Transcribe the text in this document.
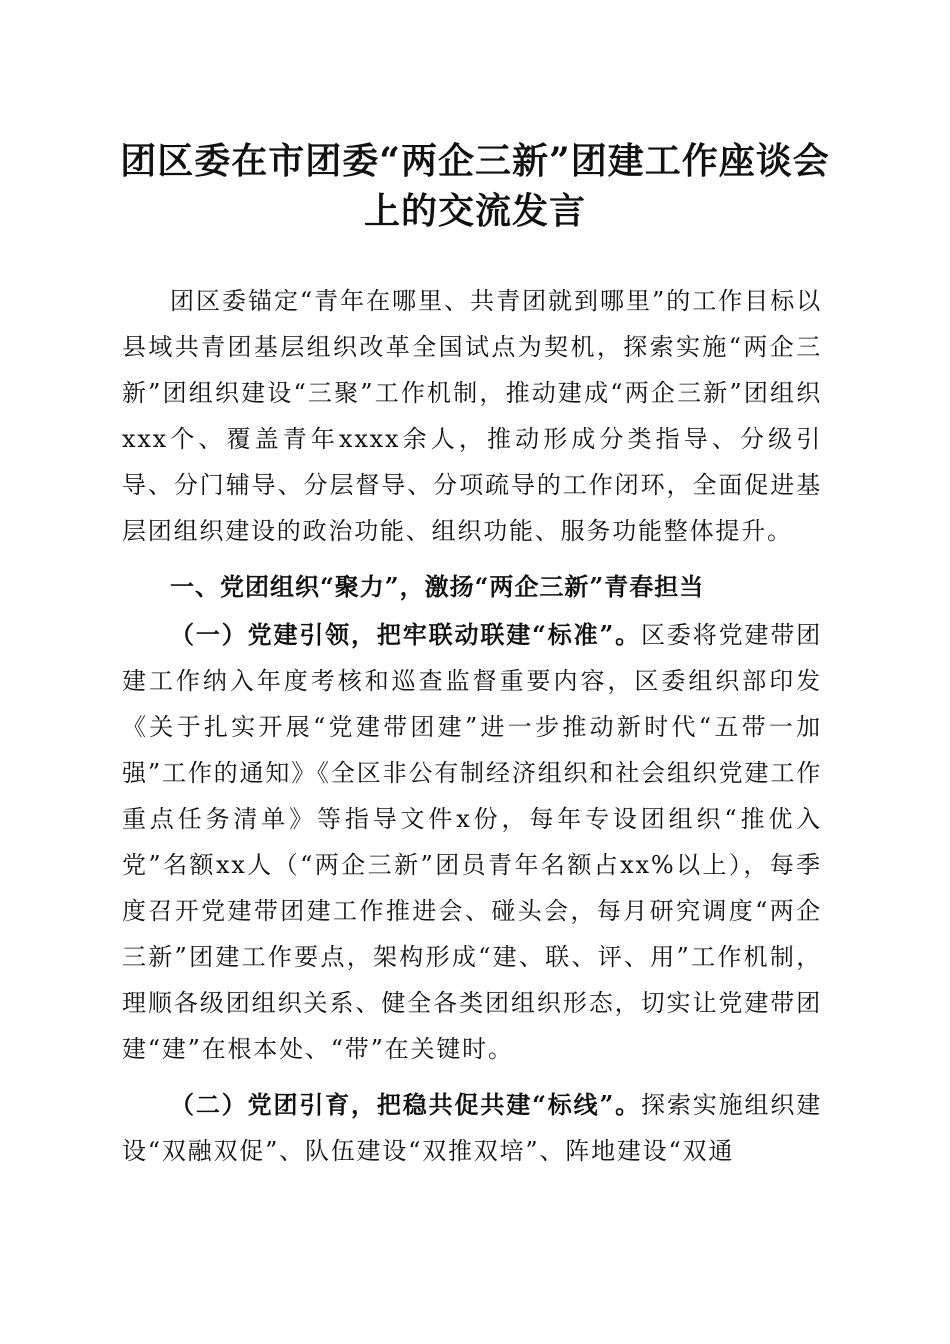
团区委在市团委“两企三新”团建工作座谈会
上的交流发言

团区委锚定“青年在哪里、共青团就到哪里”的工作目标以县域共青团基层组织改革全国试点为契机，探索实施“两企三新”团组织建设“三聚”工作机制，推动建成“两企三新”团组织xxx个、覆盖青年xxxx余人，推动形成分类指导、分级引导、分门辅导、分层督导、分项疏导的工作闭环，全面促进基层团组织建设的政治功能、组织功能、服务功能整体提升。

一、党团组织“聚力”，激扬“两企三新”青春担当

（一）党建引领，把牢联动联建“标准”。区委将党建带团建工作纳入年度考核和巡查监督重要内容，区委组织部印发《关于扎实开展“党建带团建”进一步推动新时代“五带一加强”工作的通知》《全区非公有制经济组织和社会组织党建工作重点任务清单》等指导文件x份，每年专设团组织“推优入党”名额xx人（“两企三新”团员青年名额占xx%以上），每季度召开党建带团建工作推进会、碰头会，每月研究调度“两企三新”团建工作要点，架构形成“建、联、评、用”工作机制，理顺各级团组织关系、健全各类团组织形态，切实让党建带团建“建”在根本处、“带”在关键时。

（二）党团引育，把稳共促共建“标线”。探索实施组织建设“双融双促”、队伍建设“双推双培”、阵地建设“双通
